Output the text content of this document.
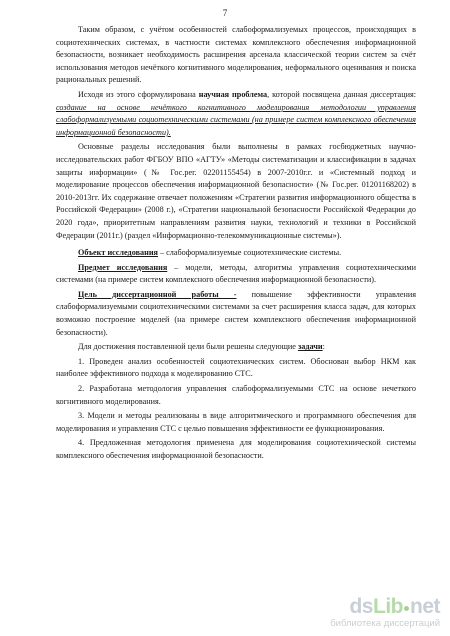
7

Таким образом, с учётом особенностей слабоформализуемых процессов, происходящих в социотехнических системах, в частности системах комплексного обеспечения информационной безопасности, возникает необходимость расширения арсенала классической теории систем за счёт использования методов нечёткого когнитивного моделирования, неформального оценивания и поиска рациональных решений.

Исходя из этого сформулирована научная проблема, которой посвящена данная диссертация: создание на основе нечёткого когнитивного моделирования методологии управления слабоформализуемыми социотехническими системами (на примере систем комплексного обеспечения информационной безопасности).

Основные разделы исследования были выполнены в рамках госбюджетных научно-исследовательских работ ФГБОУ ВПО «АГТУ» «Методы систематизации и классификации в задачах защиты информации» (№ Гос.рег. 02201155454) в 2007-2010г.г. и «Системный подход и моделирование процессов обеспечения информационной безопасности» (№ Гос.рег. 01201168202) в 2010-2013гг. Их содержание отвечает положениям «Стратегии развития информационного общества в Российской Федерации» (2008 г.), «Стратегии национальной безопасности Российской Федерации до 2020 года», приоритетным направлениям развития науки, технологий и техники в Российской Федерации (2011г.) (раздел «Информационно-телекоммуникационные системы»).

Объект исследования – слабоформализуемые социотехнические системы.

Предмет исследования – модели, методы, алгоритмы управления социотехническими системами (на примере систем комплексного обеспечения информационной безопасности).

Цель диссертационной работы - повышение эффективности управления слабоформализуемыми социотехническими системами за счет расширения класса задач, для которых возможно построение моделей (на примере систем комплексного обеспечения информационной безопасности).

Для достижения поставленной цели были решены следующие задачи:

1. Проведен анализ особенностей социотехнических систем. Обоснован выбор НКМ как наиболее эффективного подхода к моделированию СТС.

2. Разработана методология управления слабоформализуемыми СТС на основе нечеткого когнитивного моделирования.

3. Модели и методы реализованы в виде алгоритмического и программного обеспечения для моделирования и управления СТС с целью повышения эффективности ее функционирования.

4. Предложенная методология применена для моделирования социотехнической системы комплексного обеспечения информационной безопасности.

dsLib net
библиотека диссертаций
